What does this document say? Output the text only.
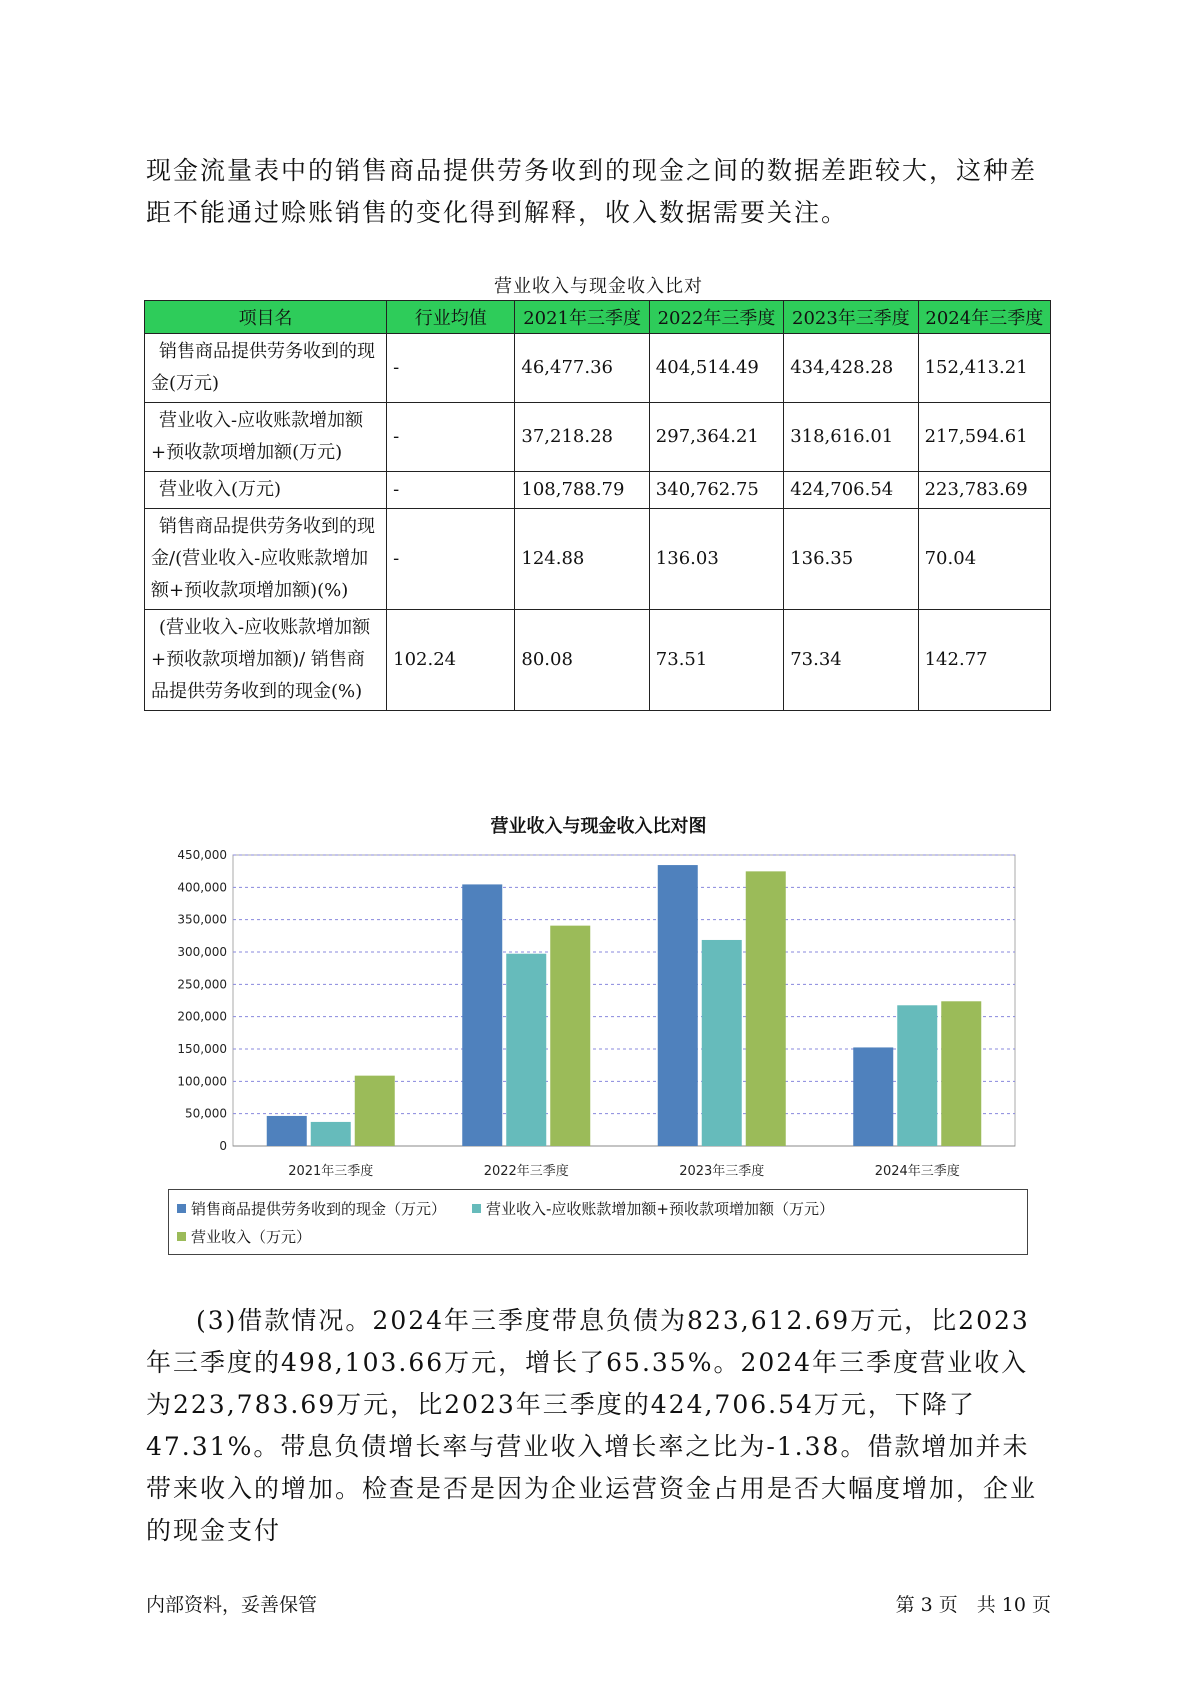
现金流量表中的销售商品提供劳务收到的现金之间的数据差距较大，这种差距不能通过赊账销售的变化得到解释，收入数据需要关注。

营业收入与现金收入比对
项目名	行业均值	2021年三季度	2022年三季度	2023年三季度	2024年三季度
销售商品提供劳务收到的现金(万元)	-	46,477.36	404,514.49	434,428.28	152,413.21
营业收入-应收账款增加额+预收款项增加额(万元)	-	37,218.28	297,364.21	318,616.01	217,594.61
营业收入(万元)	-	108,788.79	340,762.75	424,706.54	223,783.69
销售商品提供劳务收到的现金/(营业收入-应收账款增加额+预收款项增加额)(%)	-	124.88	136.03	136.35	70.04
(营业收入-应收账款增加额+预收款项增加额)/ 销售商品提供劳务收到的现金(%)	102.24	80.08	73.51	73.34	142.77
营业收入与现金收入比对图
0
50,000
100,000
150,000
200,000
250,000
300,000
350,000
400,000
450,000
2021年三季度	2022年三季度	2023年三季度	2024年三季度
销售商品提供劳务收到的现金（万元）	营业收入-应收账款增加额+预收款项增加额（万元）
营业收入（万元）

(3)借款情况。2024年三季度带息负债为823,612.69万元，比2023年三季度的498,103.66万元，增长了65.35%。2024年三季度营业收入为223,783.69万元，比2023年三季度的424,706.54万元，下降了47.31%。带息负债增长率与营业收入增长率之比为-1.38。借款增加并未带来收入的增加。检查是否是因为企业运营资金占用是否大幅度增加，企业的现金支付

内部资料，妥善保管	第 3 页　共 10 页
